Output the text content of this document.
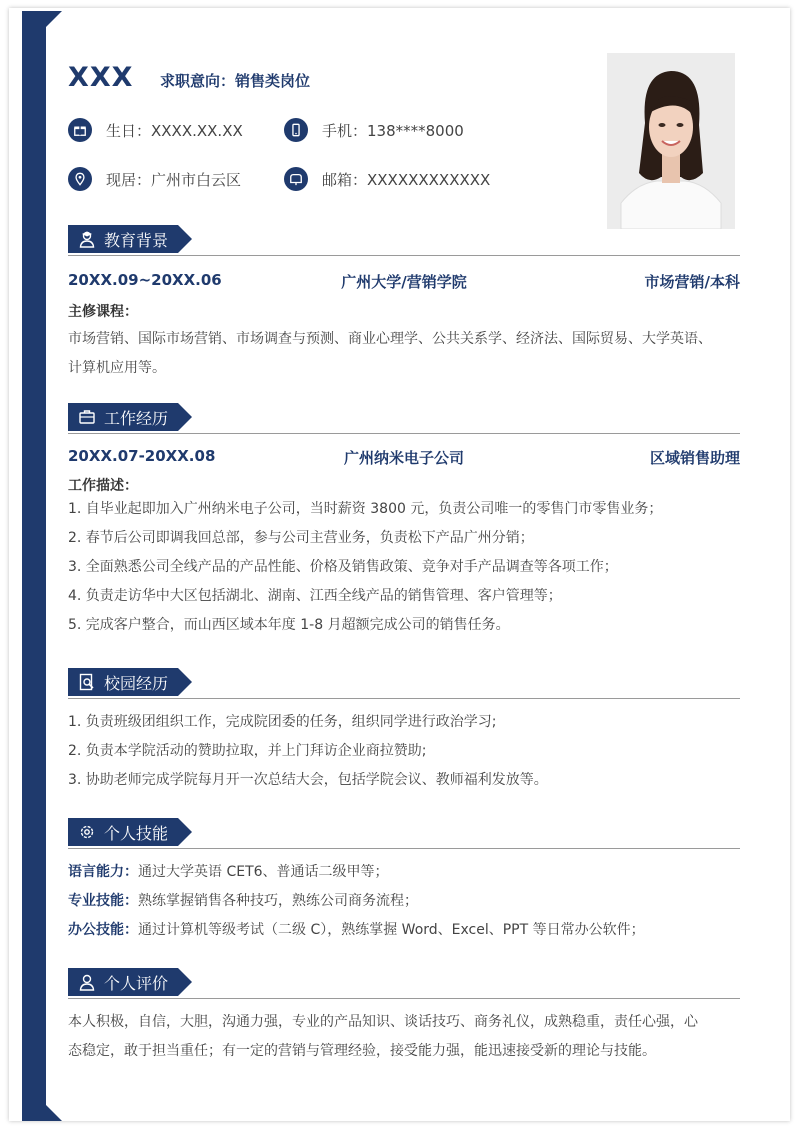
XXX 求职意向：销售类岗位
生日：XXXX.XX.XX	手机：138****8000
现居：广州市白云区	邮箱：XXXXXXXXXXXX
教育背景
20XX.09~20XX.06	广州大学/营销学院	市场营销/本科
主修课程：
市场营销、国际市场营销、市场调查与预测、商业心理学、公共关系学、经济法、国际贸易、大学英语、
计算机应用等。
工作经历
20XX.07-20XX.08	广州纳米电子公司	区域销售助理
工作描述：
1. 自毕业起即加入广州纳米电子公司，当时薪资 3800 元，负责公司唯一的零售门市零售业务；
2. 春节后公司即调我回总部，参与公司主营业务，负责松下产品广州分销；
3. 全面熟悉公司全线产品的产品性能、价格及销售政策、竞争对手产品调查等各项工作；
4. 负责走访华中大区包括湖北、湖南、江西全线产品的销售管理、客户管理等；
5. 完成客户整合，而山西区域本年度 1-8 月超额完成公司的销售任务。
校园经历
1. 负责班级团组织工作，完成院团委的任务，组织同学进行政治学习;
2. 负责本学院活动的赞助拉取，并上门拜访企业商拉赞助;
3. 协助老师完成学院每月开一次总结大会，包括学院会议、教师福利发放等。
个人技能
语言能力：通过大学英语 CET6、普通话二级甲等；
专业技能：熟练掌握销售各种技巧，熟练公司商务流程；
办公技能：通过计算机等级考试（二级 C），熟练掌握 Word、Excel、PPT 等日常办公软件；
个人评价
本人积极，自信，大胆，沟通力强，专业的产品知识、谈话技巧、商务礼仪，成熟稳重，责任心强，心
态稳定，敢于担当重任；有一定的营销与管理经验，接受能力强，能迅速接受新的理论与技能。
